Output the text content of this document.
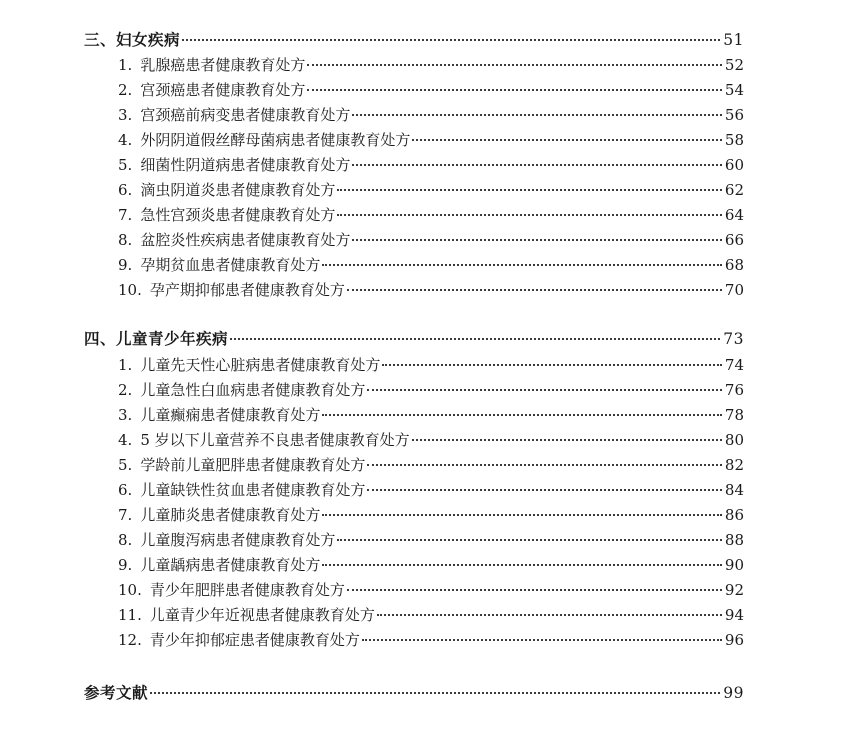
三、妇女疾病	51
1. 乳腺癌患者健康教育处方	52
2. 宫颈癌患者健康教育处方	54
3. 宫颈癌前病变患者健康教育处方	56
4. 外阴阴道假丝酵母菌病患者健康教育处方	58
5. 细菌性阴道病患者健康教育处方	60
6. 滴虫阴道炎患者健康教育处方	62
7. 急性宫颈炎患者健康教育处方	64
8. 盆腔炎性疾病患者健康教育处方	66
9. 孕期贫血患者健康教育处方	68
10. 孕产期抑郁患者健康教育处方	70
四、儿童青少年疾病	73
1. 儿童先天性心脏病患者健康教育处方	74
2. 儿童急性白血病患者健康教育处方	76
3. 儿童癫痫患者健康教育处方	78
4. 5 岁以下儿童营养不良患者健康教育处方	80
5. 学龄前儿童肥胖患者健康教育处方	82
6. 儿童缺铁性贫血患者健康教育处方	84
7. 儿童肺炎患者健康教育处方	86
8. 儿童腹泻病患者健康教育处方	88
9. 儿童龋病患者健康教育处方	90
10. 青少年肥胖患者健康教育处方	92
11. 儿童青少年近视患者健康教育处方	94
12. 青少年抑郁症患者健康教育处方	96
参考文献	99
